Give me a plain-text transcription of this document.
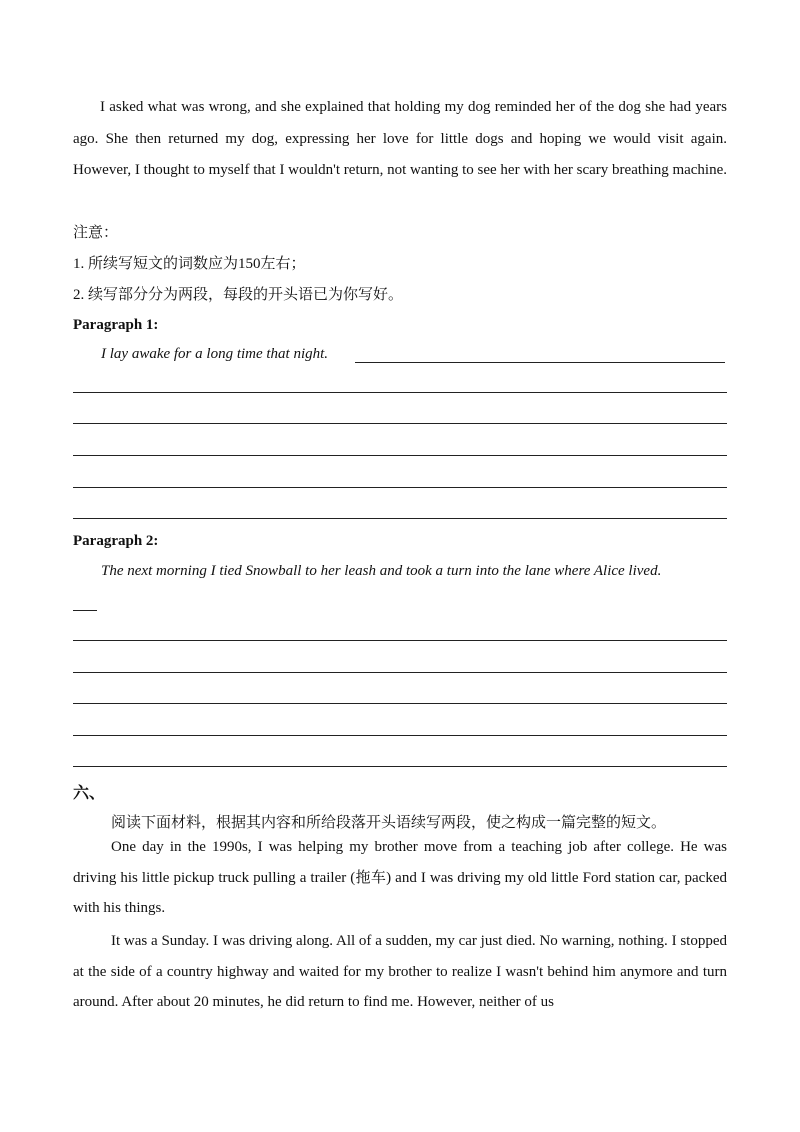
I asked what was wrong, and she explained that holding my dog reminded her of the dog she had years ago. She then returned my dog, expressing her love for little dogs and hoping we would visit again. However, I thought to myself that I wouldn't return, not wanting to see her with her scary breathing machine.

注意：

1. 所续写短文的词数应为150左右；

2. 续写部分分为两段，每段的开头语已为你写好。

Paragraph 1:

I lay awake for a long time that night.

Paragraph 2:

The next morning I tied Snowball to her leash and took a turn into the lane where Alice lived.
六、
阅读下面材料，根据其内容和所给段落开头语续写两段，使之构成一篇完整的短文。

One day in the 1990s, I was helping my brother move from a teaching job after college. He was driving his little pickup truck pulling a trailer (拖车) and I was driving my old little Ford station car, packed with his things.

It was a Sunday. I was driving along. All of a sudden, my car just died. No warning, nothing. I stopped at the side of a country highway and waited for my brother to realize I wasn't behind him anymore and turn around. After about 20 minutes, he did return to find me. However, neither of us
